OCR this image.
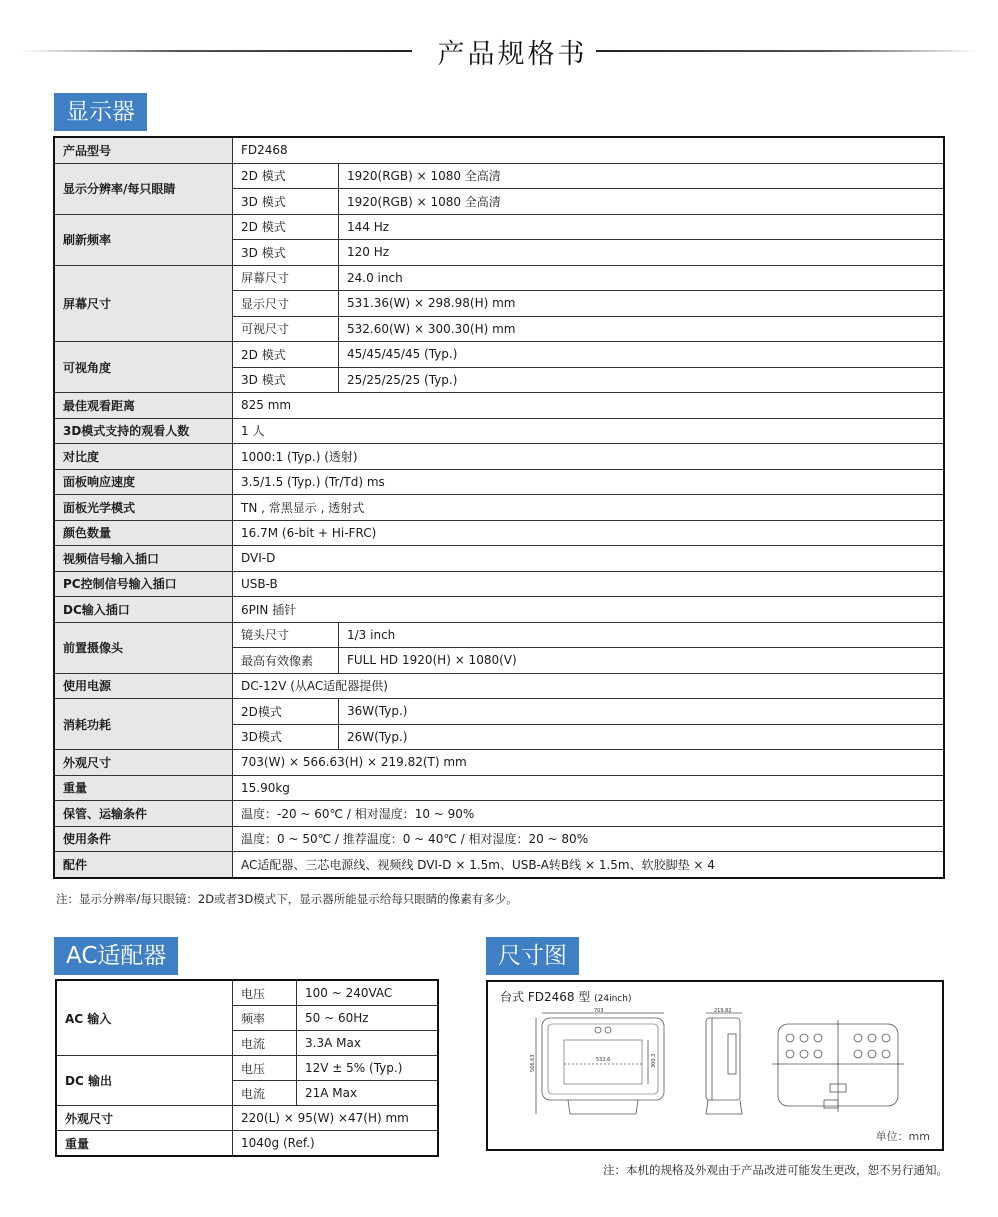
产品规格书
显示器
产品型号	FD2468	
显示分辨率/每只眼睛	2D 模式	1920(RGB) × 1080 全高清
	3D 模式	1920(RGB) × 1080 全高清
刷新频率	2D 模式	144 Hz
	3D 模式	120 Hz
屏幕尺寸	屏幕尺寸	24.0 inch
	显示尺寸	531.36(W) × 298.98(H) mm
	可视尺寸	532.60(W) × 300.30(H) mm
可视角度	2D 模式	45/45/45/45 (Typ.)
	3D 模式	25/25/25/25 (Typ.)
最佳观看距离	825 mm	
3D模式支持的观看人数	1 人	
对比度	1000:1 (Typ.) (透射)	
面板响应速度	3.5/1.5 (Typ.) (Tr/Td) ms	
面板光学模式	TN , 常黑显示 , 透射式	
颜色数量	16.7M (6-bit + Hi-FRC)	
视频信号输入插口	DVI-D	
PC控制信号输入插口	USB-B	
DC输入插口	6PIN 插针	
前置摄像头	镜头尺寸	1/3 inch
	最高有效像素	FULL HD 1920(H) × 1080(V)
使用电源	DC-12V (从AC适配器提供)	
消耗功耗	2D模式	36W(Typ.)
	3D模式	26W(Typ.)
外观尺寸	703(W) × 566.63(H) × 219.82(T) mm	
重量	15.90kg	
保管、运输条件	温度：-20 ~ 60℃ / 相对湿度：10 ~ 90%	
使用条件	温度：0 ~ 50℃ / 推荐温度：0 ~ 40℃ / 相对湿度：20 ~ 80%	
配件	AC适配器、三芯电源线、视频线 DVI-D × 1.5m、USB-A转B线 × 1.5m、软胶脚垫 × 4	
注：显示分辨率/每只眼镜：2D或者3D模式下，显示器所能显示给每只眼睛的像素有多少。
AC适配器
AC 输入	电压	100 ~ 240VAC
	频率	50 ~ 60Hz
	电流	3.3A Max
DC 输出	电压	12V ± 5% (Typ.)
	电流	21A Max
外观尺寸	220(L) × 95(W) ×47(H) mm	
重量	1040g (Ref.)	
尺寸图
台式 FD2468 型 (24inch)
703
566.63	532.6	300.3
219.82
单位：mm
注：本机的规格及外观由于产品改进可能发生更改，恕不另行通知。
